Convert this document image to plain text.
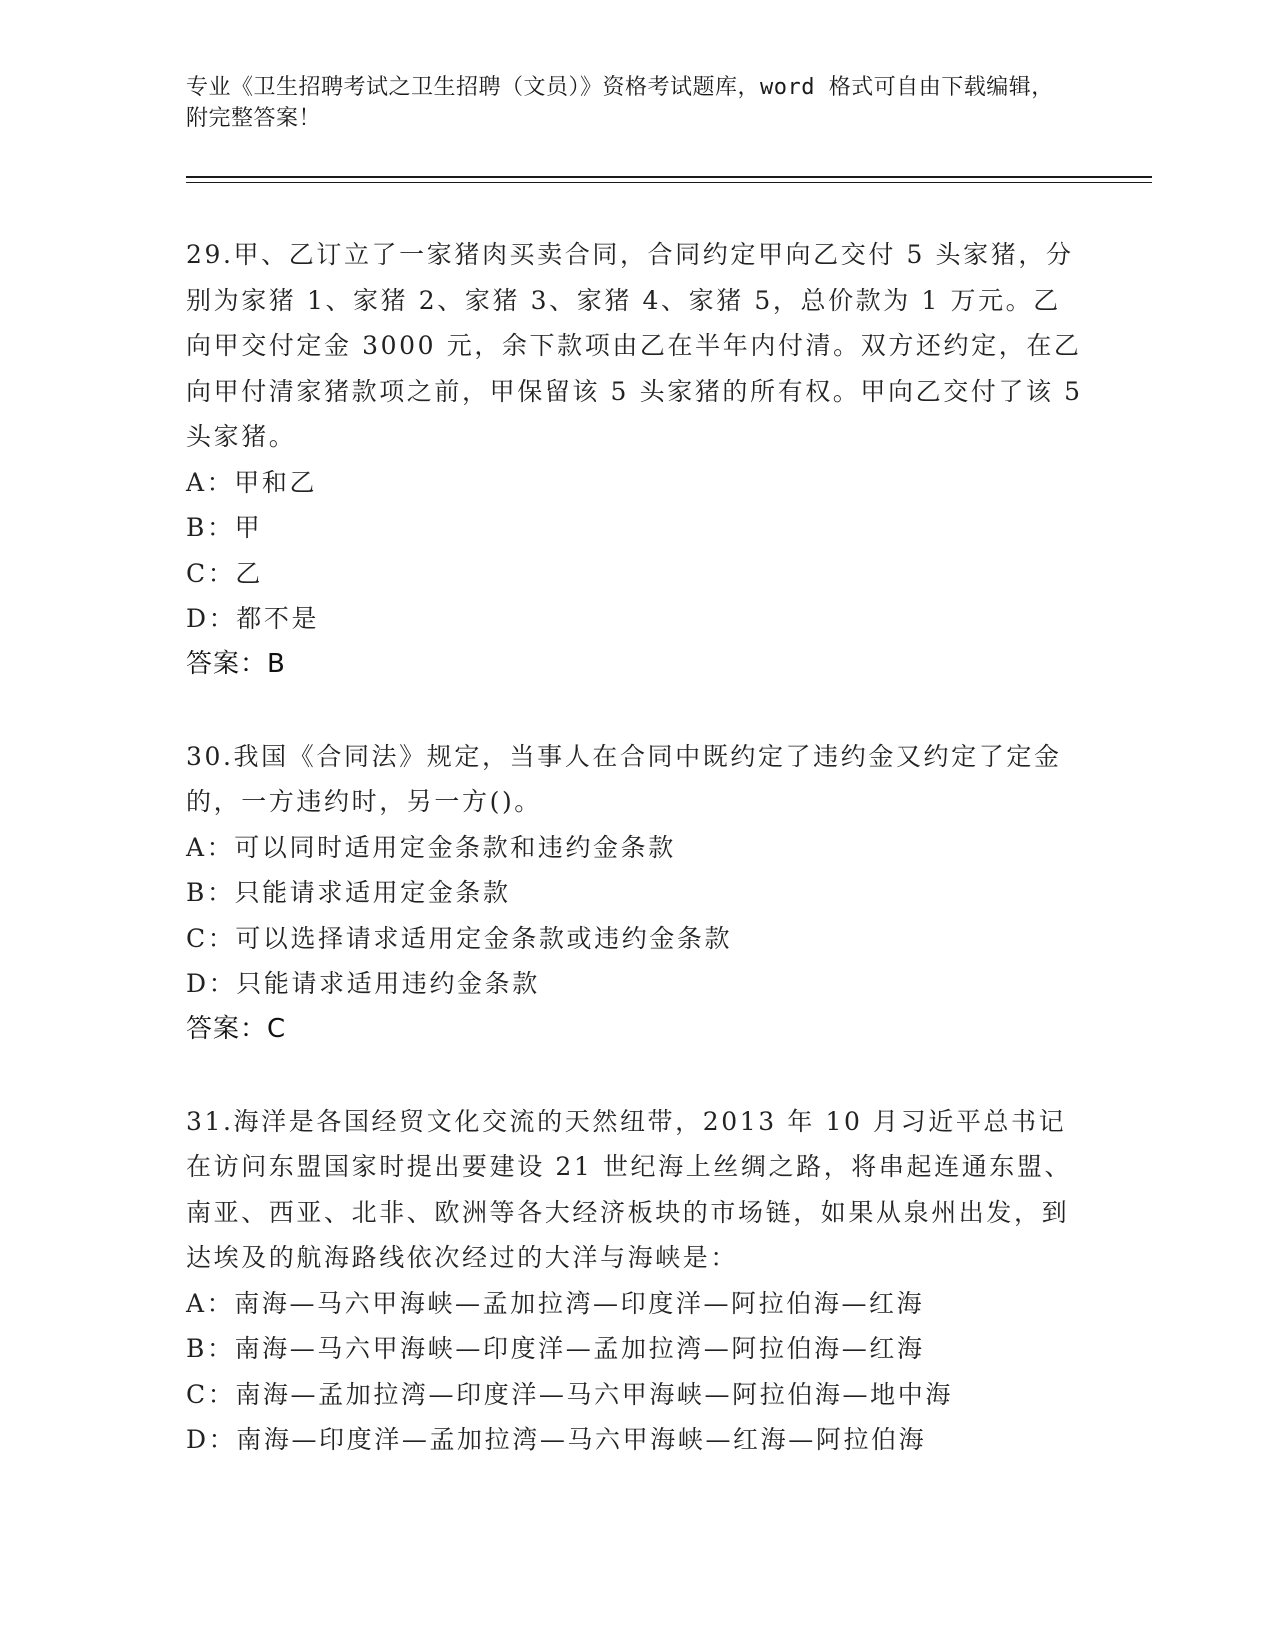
专业《卫生招聘考试之卫生招聘（文员）》资格考试题库，word 格式可自由下载编辑，附完整答案！

29.甲、乙订立了一家猪肉买卖合同，合同约定甲向乙交付 5 头家猪，分别为家猪 1、家猪 2、家猪 3、家猪 4、家猪 5，总价款为 1 万元。乙向甲交付定金 3000 元，余下款项由乙在半年内付清。双方还约定，在乙向甲付清家猪款项之前，甲保留该 5 头家猪的所有权。甲向乙交付了该 5 头家猪。

A：甲和乙

B：甲

C：乙

D：都不是

答案：B

30.我国《合同法》规定，当事人在合同中既约定了违约金又约定了定金的，一方违约时，另一方()。

A：可以同时适用定金条款和违约金条款

B：只能请求适用定金条款

C：可以选择请求适用定金条款或违约金条款

D：只能请求适用违约金条款

答案：C

31.海洋是各国经贸文化交流的天然纽带，2013 年 10 月习近平总书记在访问东盟国家时提出要建设 21 世纪海上丝绸之路，将串起连通东盟、南亚、西亚、北非、欧洲等各大经济板块的市场链，如果从泉州出发，到达埃及的航海路线依次经过的大洋与海峡是：

A：南海—马六甲海峡—孟加拉湾—印度洋—阿拉伯海—红海

B：南海—马六甲海峡—印度洋—孟加拉湾—阿拉伯海—红海

C：南海—孟加拉湾—印度洋—马六甲海峡—阿拉伯海—地中海

D：南海—印度洋—孟加拉湾—马六甲海峡—红海—阿拉伯海
